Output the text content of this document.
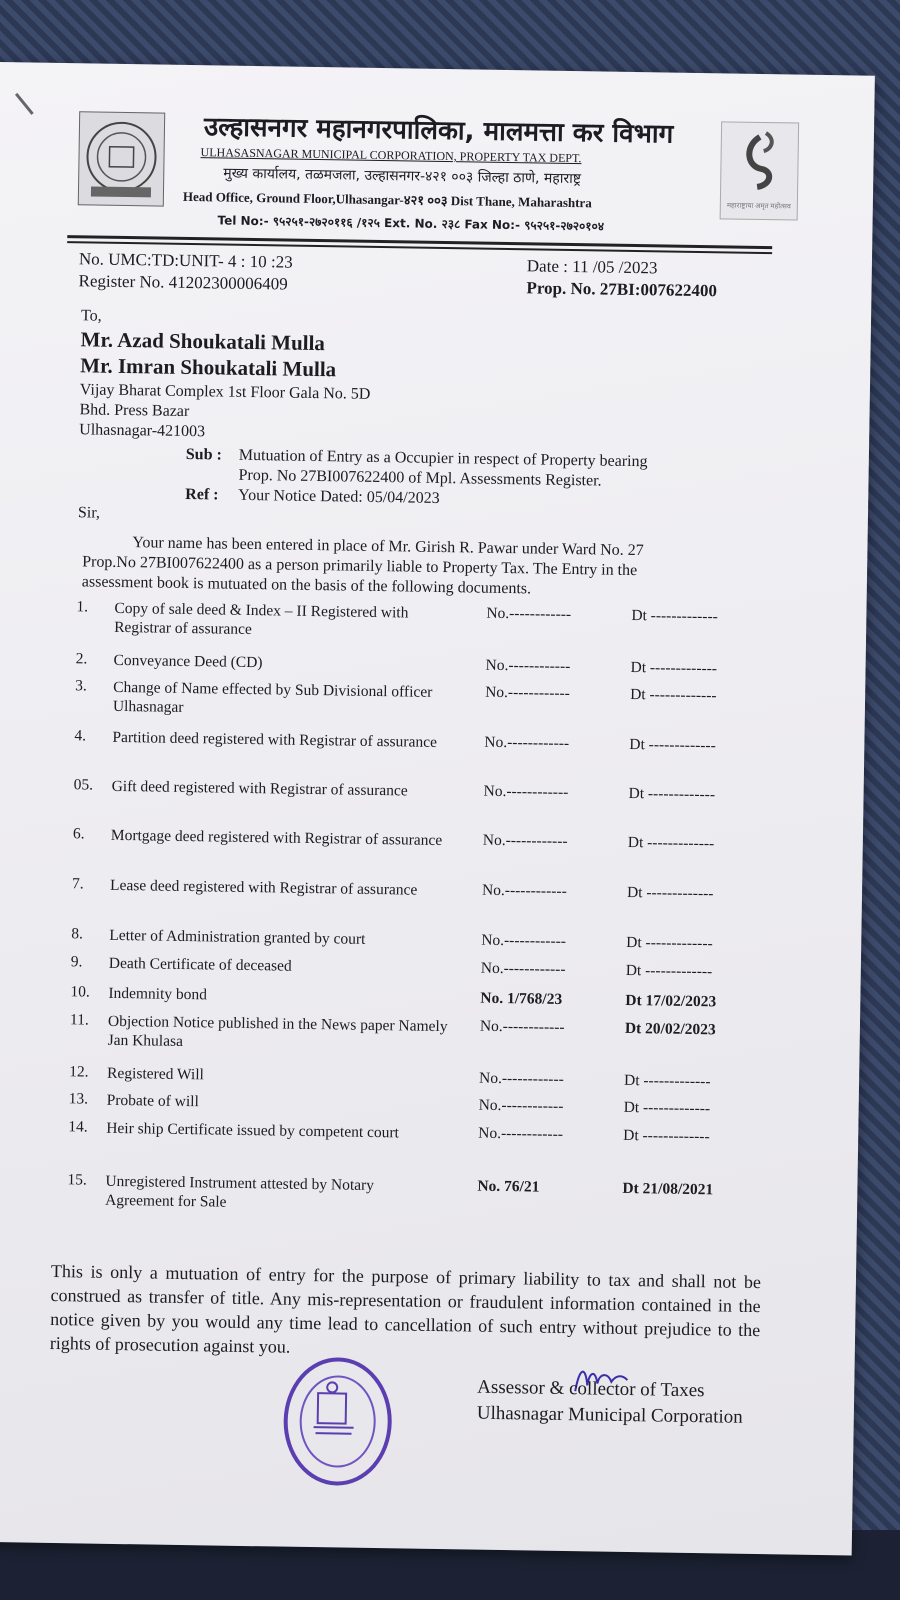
उल्हासनगर महानगरपालिका, मालमत्ता कर विभाग
ULHASASNAGAR MUNICIPAL CORPORATION, PROPERTY TAX DEPT.
मुख्य कार्यालय, तळमजला, उल्हासनगर-४२१ ००३ जिल्हा ठाणे, महाराष्ट्र
Head Office, Ground Floor,Ulhasangar-४२१ ००३ Dist Thane, Maharashtra
Tel No:- ९५२५१-२७२०११६ /१२५ Ext. No. २३८ Fax No:- ९५२५१-२७२०१०४
महाराष्ट्राचा अमृत महोत्सव
No. UMC:TD:UNIT- 4 : 10 :23
Register No. 41202300006409
Date : 11 /05 /2023
Prop. No. 27BI:007622400
To,
Mr. Azad Shoukatali Mulla
Mr. Imran Shoukatali Mulla
Vijay Bharat Complex 1st Floor Gala No. 5D
Bhd. Press Bazar
Ulhasnagar-421003
Sub : Mutuation of Entry as a Occupier in respect of Property bearing
Prop. No 27BI007622400 of Mpl. Assessments Register.
Ref : Your Notice Dated: 05/04/2023
Sir,
Your name has been entered in place of Mr. Girish R. Pawar under Ward No. 27
Prop.No 27BI007622400 as a person primarily liable to Property Tax. The Entry in the
assessment book is mutuated on the basis of the following documents.
1.	Copy of sale deed & Index – II Registered with Registrar of assurance
No.------------	Dt -------------
2.	Conveyance Deed (CD)	No.------------	Dt -------------
3.	Change of Name effected by Sub Divisional officer Ulhasnagar
No.------------	Dt -------------
4.	Partition deed registered with Registrar of assurance	No.------------	Dt -------------
05.	Gift deed registered with Registrar of assurance	No.------------	Dt -------------
6.	Mortgage deed registered with Registrar of assurance	No.------------	Dt -------------
7.	Lease deed registered with Registrar of assurance	No.------------	Dt -------------
8.	Letter of Administration granted by court	No.------------	Dt -------------
9.	Death Certificate of deceased	No.------------	Dt -------------
10.	Indemnity bond	No. 1/768/23	Dt 17/02/2023
11.	Objection Notice published in the News paper Namely Jan Khulasa
No.------------	Dt 20/02/2023
12.	Registered Will	No.------------	Dt -------------
13.	Probate of will	No.------------	Dt -------------
14.	Heir ship Certificate issued by competent court	No.------------	Dt -------------
15.	Unregistered Instrument attested by Notary Agreement for Sale
No. 76/21	Dt 21/08/2021
This is only a mutuation of entry for the purpose of primary liability to tax and shall not be construed as transfer of title. Any mis-representation or fraudulent information contained in the notice given by you would any time lead to cancellation of such entry without prejudice to the rights of prosecution against you.
Assessor & collector of Taxes
Ulhasnagar Municipal Corporation
